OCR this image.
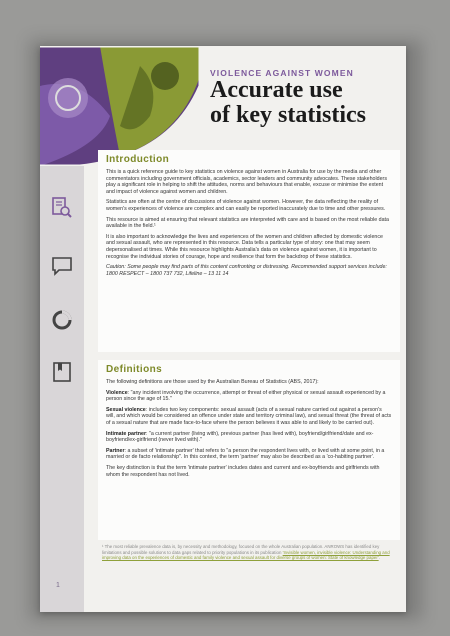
VIOLENCE AGAINST WOMEN
Accurate use
of key statistics
1
Introduction

This is a quick reference guide to key statistics on violence against women in Australia for use by the media and other commentators including government officials, academics, sector leaders and community advocates. These stakeholders play a significant role in helping to shift the attitudes, norms and behaviours that enable, excuse or minimise the extent and impact of violence against women and children.

Statistics are often at the centre of discussions of violence against women. However, the data reflecting the reality of women's experiences of violence are complex and can easily be reported inaccurately due to time and other pressures.

This resource is aimed at ensuring that relevant statistics are interpreted with care and is based on the most reliable data available in the field.¹

It is also important to acknowledge the lives and experiences of the women and children affected by domestic violence and sexual assault, who are represented in this resource. Data tells a particular type of story: one that may seem depersonalised at times. While this resource highlights Australia's data on violence against women, it is important to recognise the individual stories of courage, hope and resilience that form the backdrop of these statistics.

Caution: Some people may find parts of this content confronting or distressing. Recommended support services include: 1800 RESPECT – 1800 737 732, Lifeline – 13 11 14

Definitions

The following definitions are those used by the Australian Bureau of Statistics (ABS, 2017):

Violence: "any incident involving the occurrence, attempt or threat of either physical or sexual assault experienced by a person since the age of 15."

Sexual violence: includes two key components: sexual assault (acts of a sexual nature carried out against a person's will, and which would be considered an offence under state and territory criminal law), and sexual threat (the threat of acts of a sexual nature that are made face-to-face where the person believes it was able to and likely to be carried out).

Intimate partner: "a current partner (living with), previous partner (has lived with), boyfriend/girlfriend/date and ex-boyfriend/ex-girlfriend (never lived with)."

Partner: a subset of 'intimate partner' that refers to "a person the respondent lives with, or lived with at some point, in a married or de facto relationship". In this context, the term 'partner' may also be described as a 'co-habiting partner'.

The key distinction is that the term 'intimate partner' includes dates and current and ex-boyfriends and girlfriends with whom the respondent has not lived.

¹ The most reliable prevalence data is, by necessity and methodology, focused on the whole Australian population. ANROWS has identified key limitations and possible solutions to data gaps related to priority populations in its publication 'Invisible women, invisible violence: Understanding and improving data on the experiences of domestic and family violence and sexual assault for diverse groups of women: State of knowledge paper'.
